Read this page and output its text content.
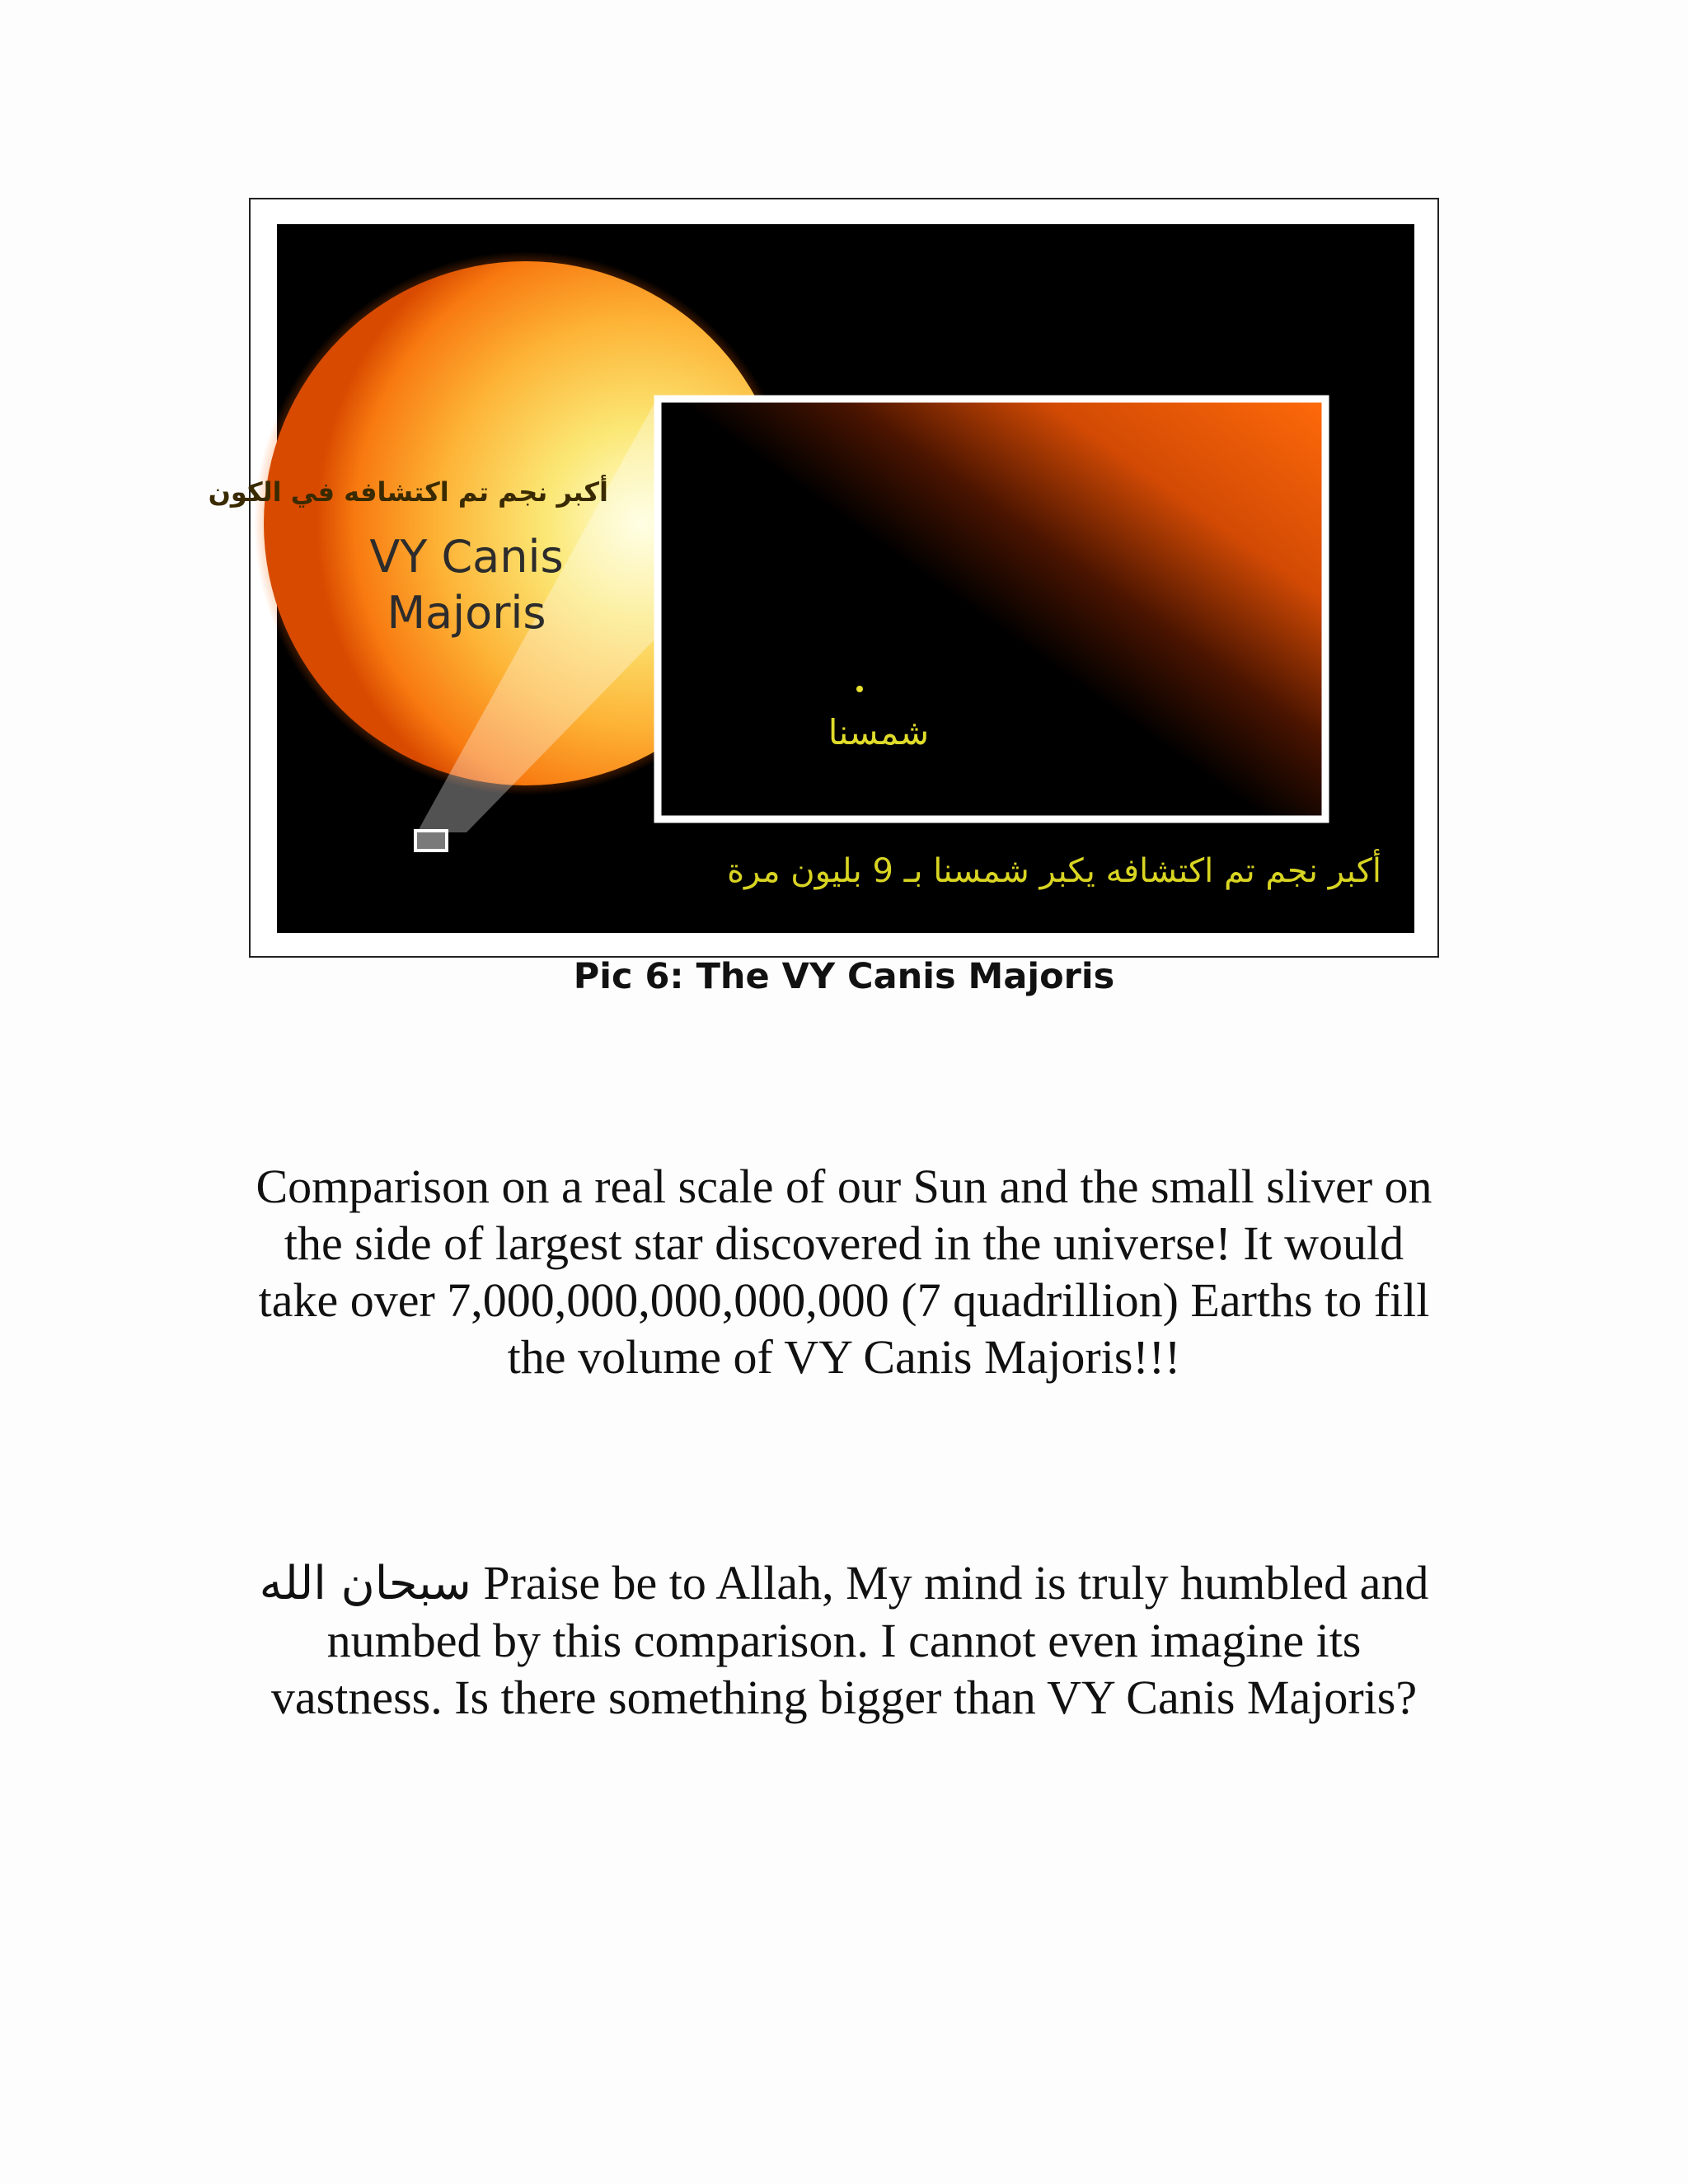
أكبر نجم تم اكتشافه في الكون
VY Canis Majoris
شمسنا
أكبر نجم تم اكتشافه يكبر شمسنا بـ 9 بليون مرة
Pic 6: The VY Canis Majoris
Comparison on a real scale of our Sun and the small sliver on the side of largest star discovered in the universe! It would take over 7,000,000,000,000,000 (7 quadrillion) Earths to fill the volume of VY Canis Majoris!!!
سبحان الله Praise be to Allah, My mind is truly humbled and numbed by this comparison. I cannot even imagine its vastness. Is there something bigger than VY Canis Majoris?
